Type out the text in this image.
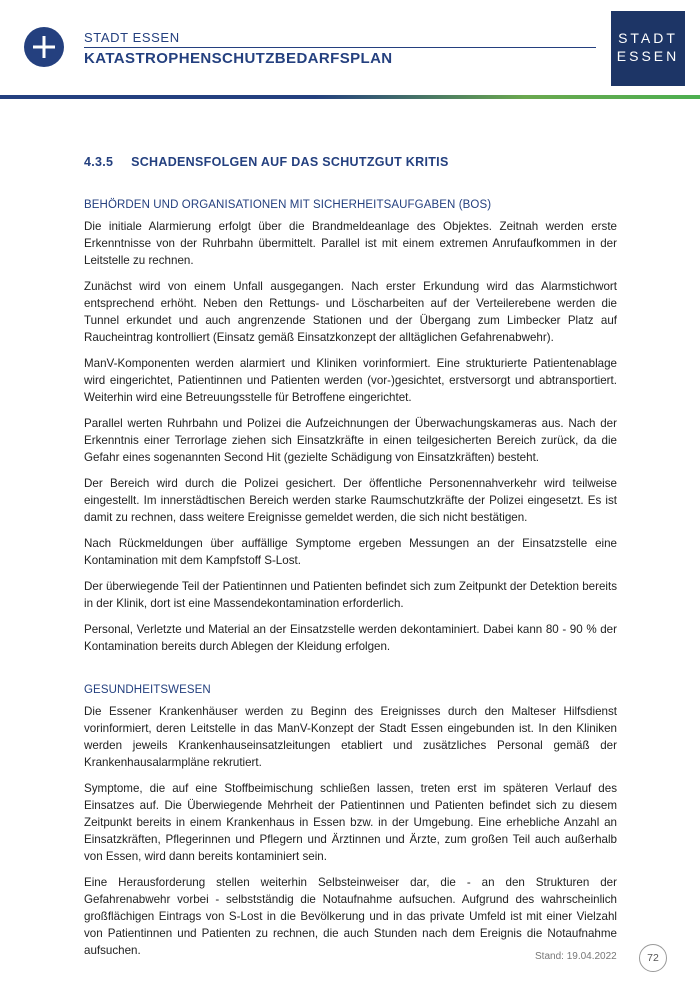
STADT ESSEN
KATASTROPHENSCHUTZBEDARFSPLAN
STADT
ESSEN
4.3.5 SCHADENSFOLGEN AUF DAS SCHUTZGUT KRITIS
BEHÖRDEN UND ORGANISATIONEN MIT SICHERHEITSAUFGABEN (BOS)

Die initiale Alarmierung erfolgt über die Brandmeldeanlage des Objektes. Zeitnah werden erste Erkenntnisse von der Ruhrbahn übermittelt. Parallel ist mit einem extremen Anrufaufkommen in der Leitstelle zu rechnen.

Zunächst wird von einem Unfall ausgegangen. Nach erster Erkundung wird das Alarmstichwort entsprechend erhöht. Neben den Rettungs- und Löscharbeiten auf der Verteilerebene werden die Tunnel erkundet und auch angrenzende Stationen und der Übergang zum Limbecker Platz auf Raucheintrag kontrolliert (Einsatz gemäß Einsatzkonzept der alltäglichen Gefahrenabwehr).

ManV-Komponenten werden alarmiert und Kliniken vorinformiert. Eine strukturierte Patientenablage wird eingerichtet, Patientinnen und Patienten werden (vor-)gesichtet, erstversorgt und abtransportiert. Weiterhin wird eine Betreuungsstelle für Betroffene eingerichtet.

Parallel werten Ruhrbahn und Polizei die Aufzeichnungen der Überwachungskameras aus. Nach der Erkenntnis einer Terrorlage ziehen sich Einsatzkräfte in einen teilgesicherten Bereich zurück, da die Gefahr eines sogenannten Second Hit (gezielte Schädigung von Einsatzkräften) besteht.

Der Bereich wird durch die Polizei gesichert. Der öffentliche Personennahverkehr wird teilweise eingestellt. Im innerstädtischen Bereich werden starke Raumschutzkräfte der Polizei eingesetzt. Es ist damit zu rechnen, dass weitere Ereignisse gemeldet werden, die sich nicht bestätigen.

Nach Rückmeldungen über auffällige Symptome ergeben Messungen an der Einsatzstelle eine Kontamination mit dem Kampfstoff S-Lost.

Der überwiegende Teil der Patientinnen und Patienten befindet sich zum Zeitpunkt der Detektion bereits in der Klinik, dort ist eine Massendekontamination erforderlich.

Personal, Verletzte und Material an der Einsatzstelle werden dekontaminiert. Dabei kann 80 - 90 % der Kontamination bereits durch Ablegen der Kleidung erfolgen.

GESUNDHEITSWESEN

Die Essener Krankenhäuser werden zu Beginn des Ereignisses durch den Malteser Hilfsdienst vorinformiert, deren Leitstelle in das ManV-Konzept der Stadt Essen eingebunden ist. In den Kliniken werden jeweils Krankenhauseinsatzleitungen etabliert und zusätzliches Personal gemäß der Krankenhausalarmpläne rekrutiert.

Symptome, die auf eine Stoffbeimischung schließen lassen, treten erst im späteren Verlauf des Einsatzes auf. Die Überwiegende Mehrheit der Patientinnen und Patienten befindet sich zu diesem Zeitpunkt bereits in einem Krankenhaus in Essen bzw. in der Umgebung. Eine erhebliche Anzahl an Einsatzkräften, Pflegerinnen und Pflegern und Ärztinnen und Ärzte, zum großen Teil auch außerhalb von Essen, wird dann bereits kontaminiert sein.

Eine Herausforderung stellen weiterhin Selbsteinweiser dar, die - an den Strukturen der Gefahrenabwehr vorbei - selbstständig die Notaufnahme aufsuchen. Aufgrund des wahrscheinlich großflächigen Eintrags von S-Lost in die Bevölkerung und in das private Umfeld ist mit einer Vielzahl von Patientinnen und Patienten zu rechnen, die auch Stunden nach dem Ereignis die Notaufnahme aufsuchen.	Stand: 19.04.2022	72
